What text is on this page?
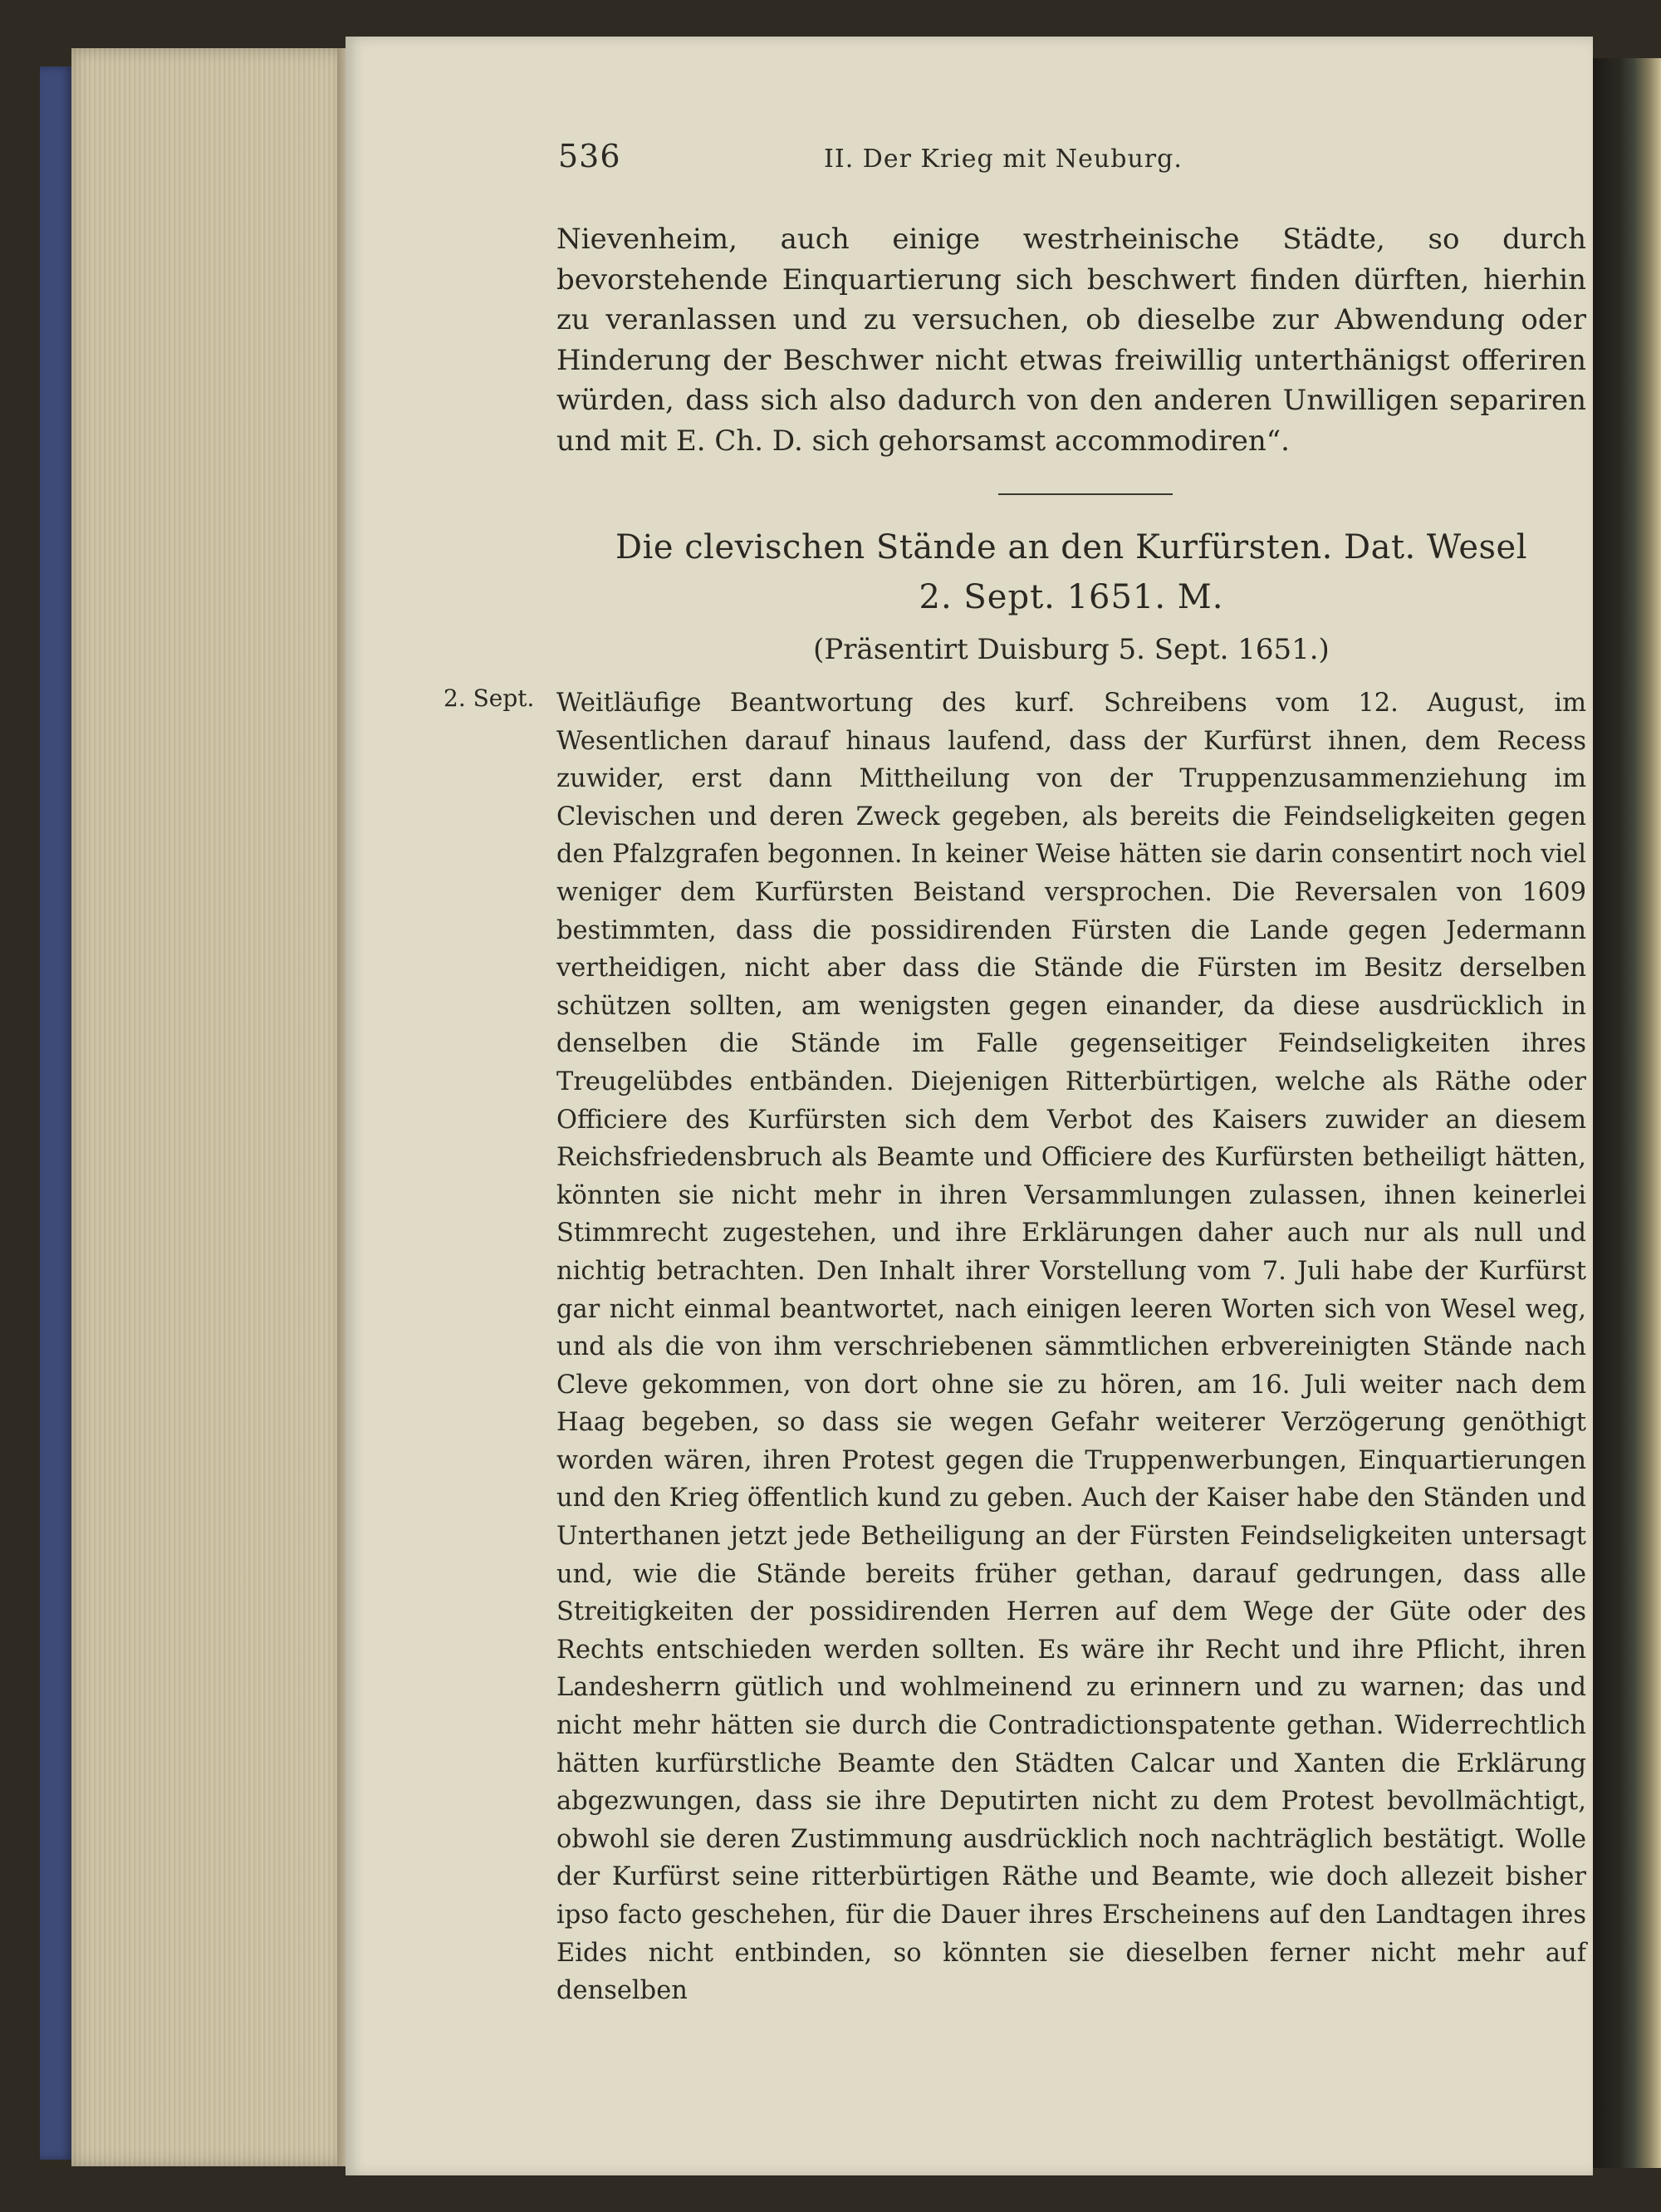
536	II. Der Krieg mit Neuburg.
Nievenheim, auch einige westrheinische Städte, so durch bevorstehende Einquartierung sich beschwert finden dürften, hierhin zu veranlassen und zu versuchen, ob dieselbe zur Abwendung oder Hinderung der Beschwer nicht etwas freiwillig unterthänigst offeriren würden, dass sich also dadurch von den anderen Unwilligen separiren und mit E. Ch. D. sich gehorsamst accommodiren“.
Die clevischen Stände an den Kurfürsten. Dat. Wesel
2. Sept. 1651. M.
(Präsentirt Duisburg 5. Sept. 1651.)
2. Sept. Weitläufige Beantwortung des kurf. Schreibens vom 12. August, im Wesentlichen darauf hinaus laufend, dass der Kurfürst ihnen, dem Recess zuwider, erst dann Mittheilung von der Truppenzusammenziehung im Clevischen und deren Zweck gegeben, als bereits die Feindseligkeiten gegen den Pfalzgrafen begonnen. In keiner Weise hätten sie darin consentirt noch viel weniger dem Kurfürsten Beistand versprochen. Die Reversalen von 1609 bestimmten, dass die possidirenden Fürsten die Lande gegen Jedermann vertheidigen, nicht aber dass die Stände die Fürsten im Besitz derselben schützen sollten, am wenigsten gegen einander, da diese ausdrücklich in denselben die Stände im Falle gegenseitiger Feindseligkeiten ihres Treugelübdes entbänden. Diejenigen Ritterbürtigen, welche als Räthe oder Officiere des Kurfürsten sich dem Verbot des Kaisers zuwider an diesem Reichsfriedensbruch als Beamte und Officiere des Kurfürsten betheiligt hätten, könnten sie nicht mehr in ihren Versammlungen zulassen, ihnen keinerlei Stimmrecht zugestehen, und ihre Erklärungen daher auch nur als null und nichtig betrachten. Den Inhalt ihrer Vorstellung vom 7. Juli habe der Kurfürst gar nicht einmal beantwortet, nach einigen leeren Worten sich von Wesel weg, und als die von ihm verschriebenen sämmtlichen erbvereinigten Stände nach Cleve gekommen, von dort ohne sie zu hören, am 16. Juli weiter nach dem Haag begeben, so dass sie wegen Gefahr weiterer Verzögerung genöthigt worden wären, ihren Protest gegen die Truppenwerbungen, Einquartierungen und den Krieg öffentlich kund zu geben. Auch der Kaiser habe den Ständen und Unterthanen jetzt jede Betheiligung an der Fürsten Feindseligkeiten untersagt und, wie die Stände bereits früher gethan, darauf gedrungen, dass alle Streitigkeiten der possidirenden Herren auf dem Wege der Güte oder des Rechts entschieden werden sollten. Es wäre ihr Recht und ihre Pflicht, ihren Landesherrn gütlich und wohlmeinend zu erinnern und zu warnen; das und nicht mehr hätten sie durch die Contradictionspatente gethan. Widerrechtlich hätten kurfürstliche Beamte den Städten Calcar und Xanten die Erklärung abgezwungen, dass sie ihre Deputirten nicht zu dem Protest bevollmächtigt, obwohl sie deren Zustimmung ausdrücklich noch nachträglich bestätigt. Wolle der Kurfürst seine ritterbürtigen Räthe und Beamte, wie doch allezeit bisher ipso facto geschehen, für die Dauer ihres Erscheinens auf den Landtagen ihres Eides nicht entbinden, so könnten sie dieselben ferner nicht mehr auf denselben
